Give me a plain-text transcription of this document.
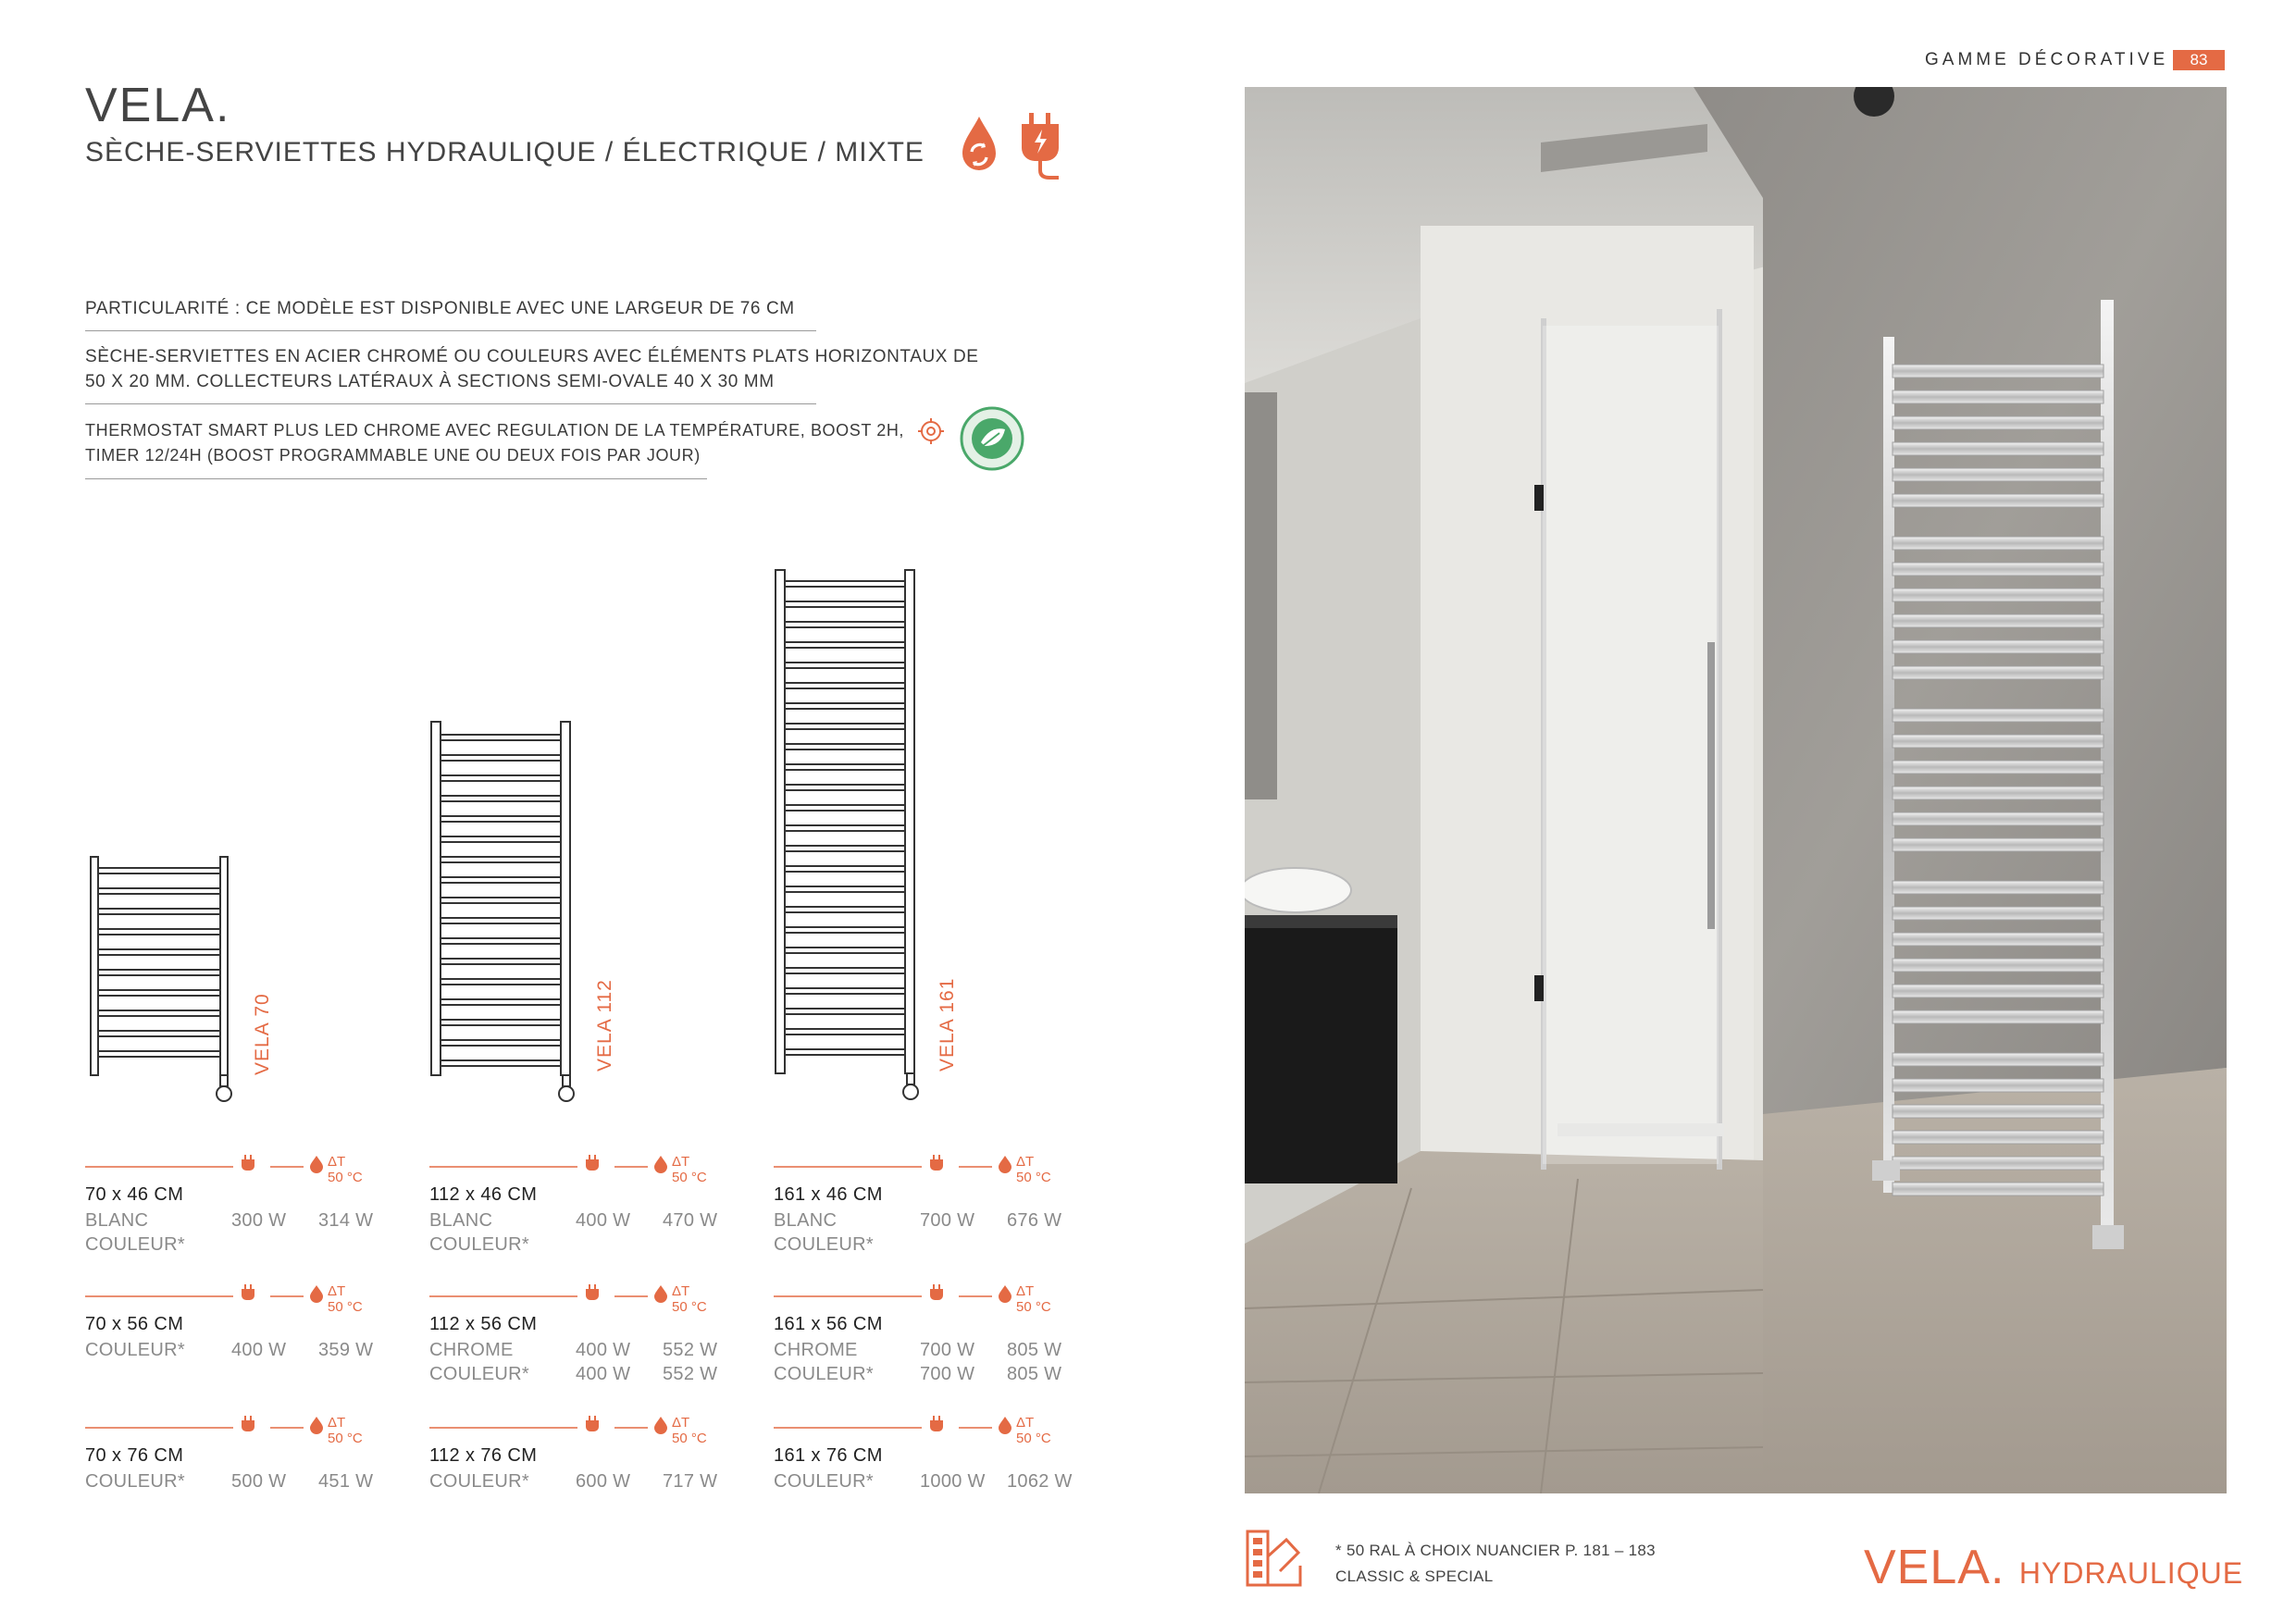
VELA.
SÈCHE-SERVIETTES HYDRAULIQUE / ÉLECTRIQUE / MIXTE
PARTICULARITÉ : CE MODÈLE EST DISPONIBLE AVEC UNE LARGEUR DE 76 CM
SÈCHE-SERVIETTES EN ACIER CHROMÉ OU COULEURS AVEC ÉLÉMENTS PLATS HORIZONTAUX DE
50 X 20 MM. COLLECTEURS LATÉRAUX À SECTIONS SEMI-OVALE 40 X 30 MM
THERMOSTAT SMART PLUS LED CHROME AVEC REGULATION DE LA TEMPÉRATURE, BOOST 2H,
TIMER 12/24H (BOOST PROGRAMMABLE UNE OU DEUX FOIS PAR JOUR)
VELA 70	VELA 112	VELA 161
ΔT 50 °C
70 x 46 CM
BLANC	300 W 314 W
COULEUR*
ΔT 50 °C
112 x 46 CM
BLANC	400 W 470 W
COULEUR*
ΔT 50 °C
161 x 46 CM
BLANC	700 W 676 W
COULEUR*
ΔT 50 °C
70 x 56 CM
COULEUR*	400 W 359 W
ΔT 50 °C
112 x 56 CM
CHROME	400 W 552 W
COULEUR*	400 W 552 W
ΔT 50 °C
161 x 56 CM
CHROME	700 W 805 W
COULEUR*	700 W 805 W
ΔT 50 °C
70 x 76 CM
COULEUR*	500 W 451 W
ΔT 50 °C
112 x 76 CM
COULEUR*	600 W 717 W
ΔT 50 °C
161 x 76 CM
COULEUR*	1000 W 1062 W
GAMME DÉCORATIVE	83
* 50 RAL À CHOIX NUANCIER P. 181 – 183
CLASSIC & SPECIAL	VELA. HYDRAULIQUE
